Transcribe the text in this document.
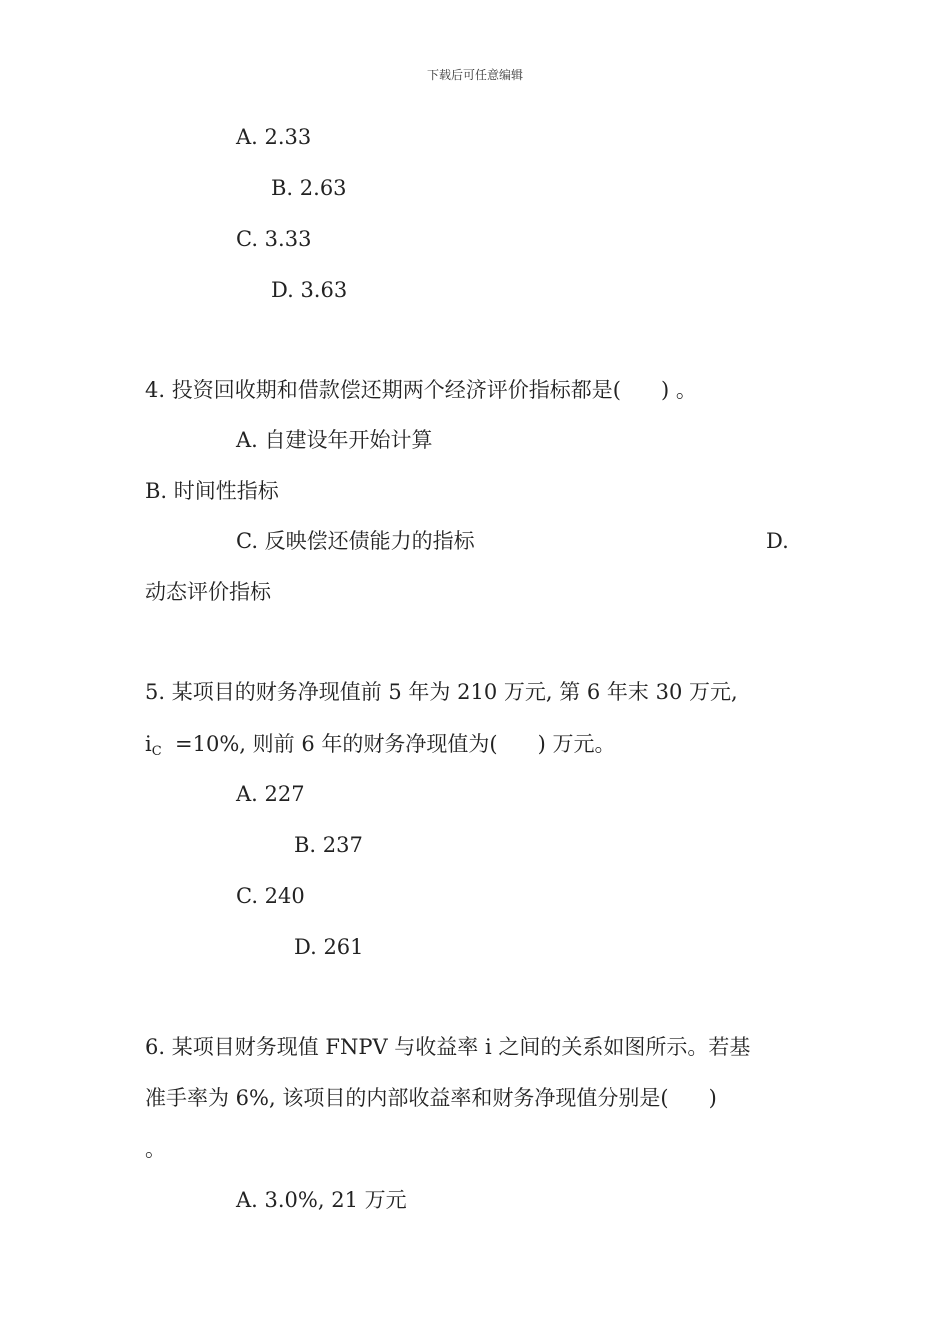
下载后可任意编辑
A. 2.33
B. 2.63
C. 3.33
D. 3.63
4. 投资回收期和借款偿还期两个经济评价指标都是(      ) 。
A. 自建设年开始计算
B. 时间性指标
C. 反映偿还债能力的指标	D.
动态评价指标
5. 某项目的财务净现值前 5 年为 210 万元, 第 6 年末 30 万元,
iC  =10%, 则前 6 年的财务净现值为(      ) 万元。
A. 227
B. 237
C. 240
D. 261
6. 某项目财务现值 FNPV 与收益率 i 之间的关系如图所示。若基
准手率为 6%, 该项目的内部收益率和财务净现值分别是(      )
。
A. 3.0%, 21 万元
